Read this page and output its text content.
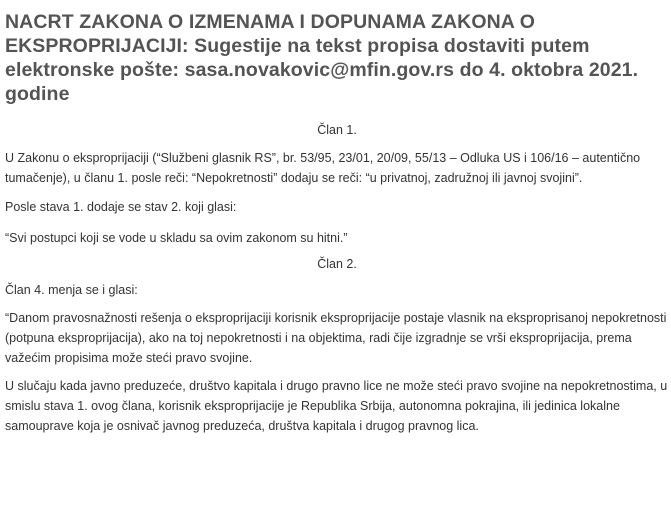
NACRT ZAKONA O IZMENAMA I DOPUNAMA ZAKONA O EKSPROPRIJACIJI: Sugestije na tekst propisa dostaviti putem elektronske pošte: sasa.novakovic@mfin.gov.rs do 4. oktobra 2021. godine
Član 1.

U Zakonu o eksproprijaciji (“Službeni glasnik RS”, br. 53/95, 23/01, 20/09, 55/13 – Odluka US i 106/16 – autentično tumačenje), u članu 1. posle reči: “Nepokretnosti” dodaju se reči: “u privatnoj, zadružnoj ili javnoj svojini”.

Posle stava 1. dodaje se stav 2. koji glasi:

“Svi postupci koji se vode u skladu sa ovim zakonom su hitni.”

Član 2.

Član 4. menja se i glasi:

“Danom pravosnažnosti rešenja o eksproprijaciji korisnik eksproprijacije postaje vlasnik na eksproprisanoj nepokretnosti (potpuna eksproprijacija), ako na toj nepokretnosti i na objektima, radi čije izgradnje se vrši eksproprijacija, prema važećim propisima može steći pravo svojine.

U slučaju kada javno preduzeće, društvo kapitala i drugo pravno lice ne može steći pravo svojine na nepokretnostima, u smislu stava 1. ovog člana, korisnik eksproprijacije je Republika Srbija, autonomna pokrajina, ili jedinica lokalne samouprave koja je osnivač javnog preduzeća, društva kapitala i drugog pravnog lica.
